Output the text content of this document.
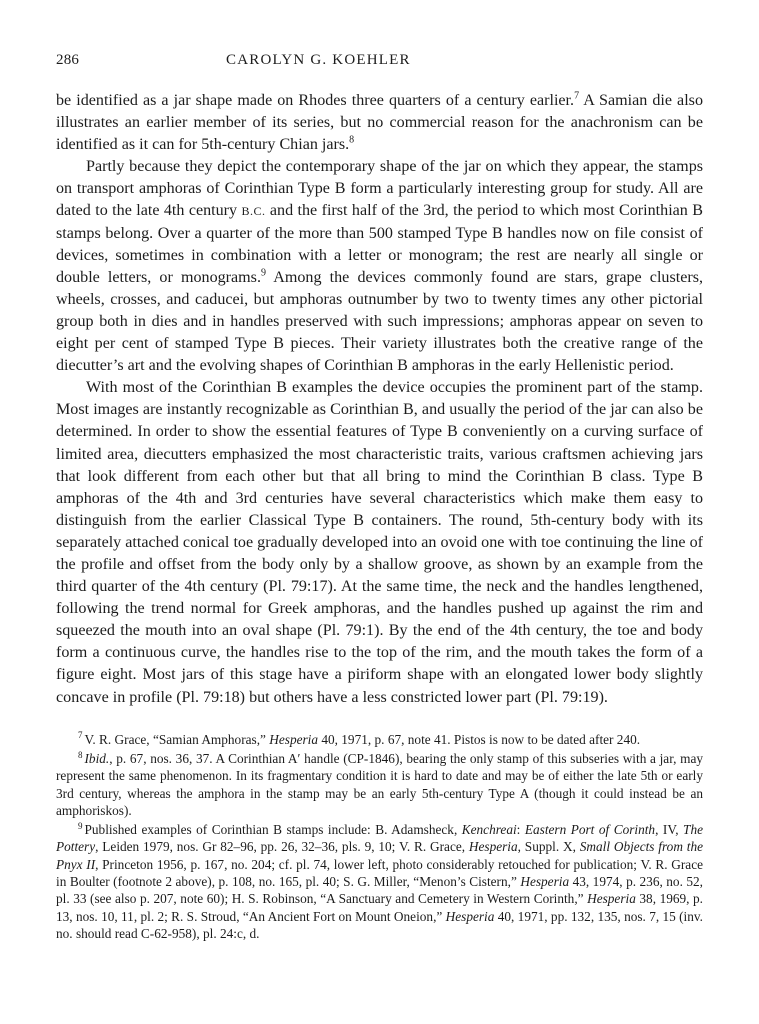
286	CAROLYN G. KOEHLER

be identified as a jar shape made on Rhodes three quarters of a century earlier.$^7$ A Samian die also illustrates an earlier member of its series, but no commercial reason for the anachronism can be identified as it can for 5th-century Chian jars.$^8$

Partly because they depict the contemporary shape of the jar on which they appear, the stamps on transport amphoras of Corinthian Type B form a particularly interesting group for study. All are dated to the late 4th century B.C. and the first half of the 3rd, the period to which most Corinthian B stamps belong. Over a quarter of the more than 500 stamped Type B handles now on file consist of devices, sometimes in combination with a letter or monogram; the rest are nearly all single or double letters, or monograms.$^9$ Among the devices commonly found are stars, grape clusters, wheels, crosses, and caducei, but amphoras outnumber by two to twenty times any other pictorial group both in dies and in handles preserved with such impressions; amphoras appear on seven to eight per cent of stamped Type B pieces. Their variety illustrates both the creative range of the diecutter’s art and the evolving shapes of Corinthian B amphoras in the early Hellenistic period.

With most of the Corinthian B examples the device occupies the prominent part of the stamp. Most images are instantly recognizable as Corinthian B, and usually the period of the jar can also be determined. In order to show the essential features of Type B conveniently on a curving surface of limited area, diecutters emphasized the most characteristic traits, various craftsmen achieving jars that look different from each other but that all bring to mind the Corinthian B class. Type B amphoras of the 4th and 3rd centuries have several characteristics which make them easy to distinguish from the earlier Classical Type B containers. The round, 5th-century body with its separately attached conical toe gradually developed into an ovoid one with toe continuing the line of the profile and offset from the body only by a shallow groove, as shown by an example from the third quarter of the 4th century (Pl. 79:17). At the same time, the neck and the handles lengthened, following the trend normal for Greek amphoras, and the handles pushed up against the rim and squeezed the mouth into an oval shape (Pl. 79:1). By the end of the 4th century, the toe and body form a continuous curve, the handles rise to the top of the rim, and the mouth takes the form of a figure eight. Most jars of this stage have a piriform shape with an elongated lower body slightly concave in profile (Pl. 79:18) but others have a less constricted lower part (Pl. 79:19).

$^7$ V. R. Grace, “Samian Amphoras,” Hesperia 40, 1971, p. 67, note 41. Pistos is now to be dated after 240.

$^8$ Ibid., p. 67, nos. 36, 37. A Corinthian A′ handle (CP-1846), bearing the only stamp of this subseries with a jar, may represent the same phenomenon. In its fragmentary condition it is hard to date and may be of either the late 5th or early 3rd century, whereas the amphora in the stamp may be an early 5th-century Type A (though it could instead be an amphoriskos).

$^9$ Published examples of Corinthian B stamps include: B. Adamsheck, Kenchreai: Eastern Port of Corinth, IV, The Pottery, Leiden 1979, nos. Gr 82–96, pp. 26, 32–36, pls. 9, 10; V. R. Grace, Hesperia, Suppl. X, Small Objects from the Pnyx II, Princeton 1956, p. 167, no. 204; cf. pl. 74, lower left, photo considerably retouched for publication; V. R. Grace in Boulter (footnote 2 above), p. 108, no. 165, pl. 40; S. G. Miller, “Menon’s Cistern,” Hesperia 43, 1974, p. 236, no. 52, pl. 33 (see also p. 207, note 60); H. S. Robinson, “A Sanctuary and Cemetery in Western Corinth,” Hesperia 38, 1969, p. 13, nos. 10, 11, pl. 2; R. S. Stroud, “An Ancient Fort on Mount Oneion,” Hesperia 40, 1971, pp. 132, 135, nos. 7, 15 (inv. no. should read C-62-958), pl. 24:c, d.
